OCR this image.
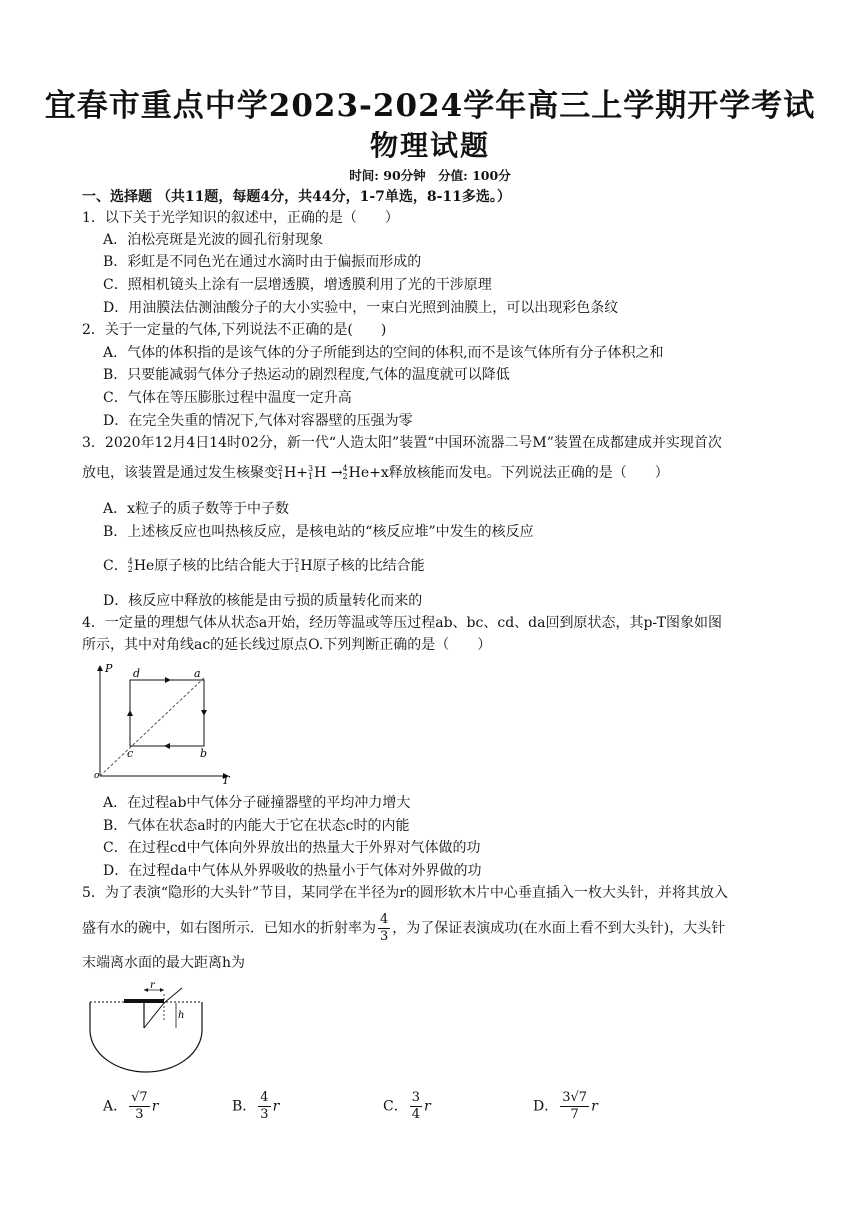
宜春市重点中学2023-2024学年高三上学期开学考试
物理试题
时间: 90分钟　分值: 100分
一、选择题 （共11题，每题4分，共44分，1-7单选，8-11多选。）
1．以下关于光学知识的叙述中，正确的是（　　）
A．泊松亮斑是光波的圆孔衍射现象
B．彩虹是不同色光在通过水滴时由于偏振而形成的
C．照相机镜头上涂有一层增透膜，增透膜利用了光的干涉原理
D．用油膜法估测油酸分子的大小实验中，一束白光照到油膜上，可以出现彩色条纹
2．关于一定量的气体,下列说法不正确的是(　　)
A．气体的体积指的是该气体的分子所能到达的空间的体积,而不是该气体所有分子体积之和
B．只要能减弱气体分子热运动的剧烈程度,气体的温度就可以降低
C．气体在等压膨胀过程中温度一定升高
D．在完全失重的情况下,气体对容器壁的压强为零
3．2020年12月4日14时02分，新一代“人造太阳”装置“中国环流器二号M”装置在成都建成并实现首次
放电，该装置是通过发生核聚变2
1H+3
1H →4
2He+x释放核能而发电。下列说法正确的是（　　）
A．x粒子的质子数等于中子数
B．上述核反应也叫热核反应，是核电站的“核反应堆”中发生的核反应
C．4
2He原子核的比结合能大于2
1H原子核的比结合能
D．核反应中释放的核能是由亏损的质量转化而来的
4．一定量的理想气体从状态a开始，经历等温或等压过程ab、bc、cd、da回到原状态，其p-T图象如图
所示，其中对角线ac的延长线过原点O.下列判断正确的是（　　）
P
T
o
d	a
b
c
A．在过程ab中气体分子碰撞器壁的平均冲力增大
B．气体在状态a时的内能大于它在状态c时的内能
C．在过程cd中气体向外界放出的热量大于外界对气体做的功
D．在过程da中气体从外界吸收的热量小于气体对外界做的功
5．为了表演“隐形的大头针”节目，某同学在半径为r的圆形软木片中心垂直插入一枚大头针，并将其放入
盛有水的碗中，如右图所示．已知水的折射率为 $\frac{4}{3}$ ，为了保证表演成功(在水面上看不到大头针)，大头针
末端离水面的最大距离h为
r
h
A． $\frac{√7}{3}$ r	B． $\frac{4}{3}$ r	C． $\frac{3}{4}$ r	D． $\frac{3√7}{7}$ r
